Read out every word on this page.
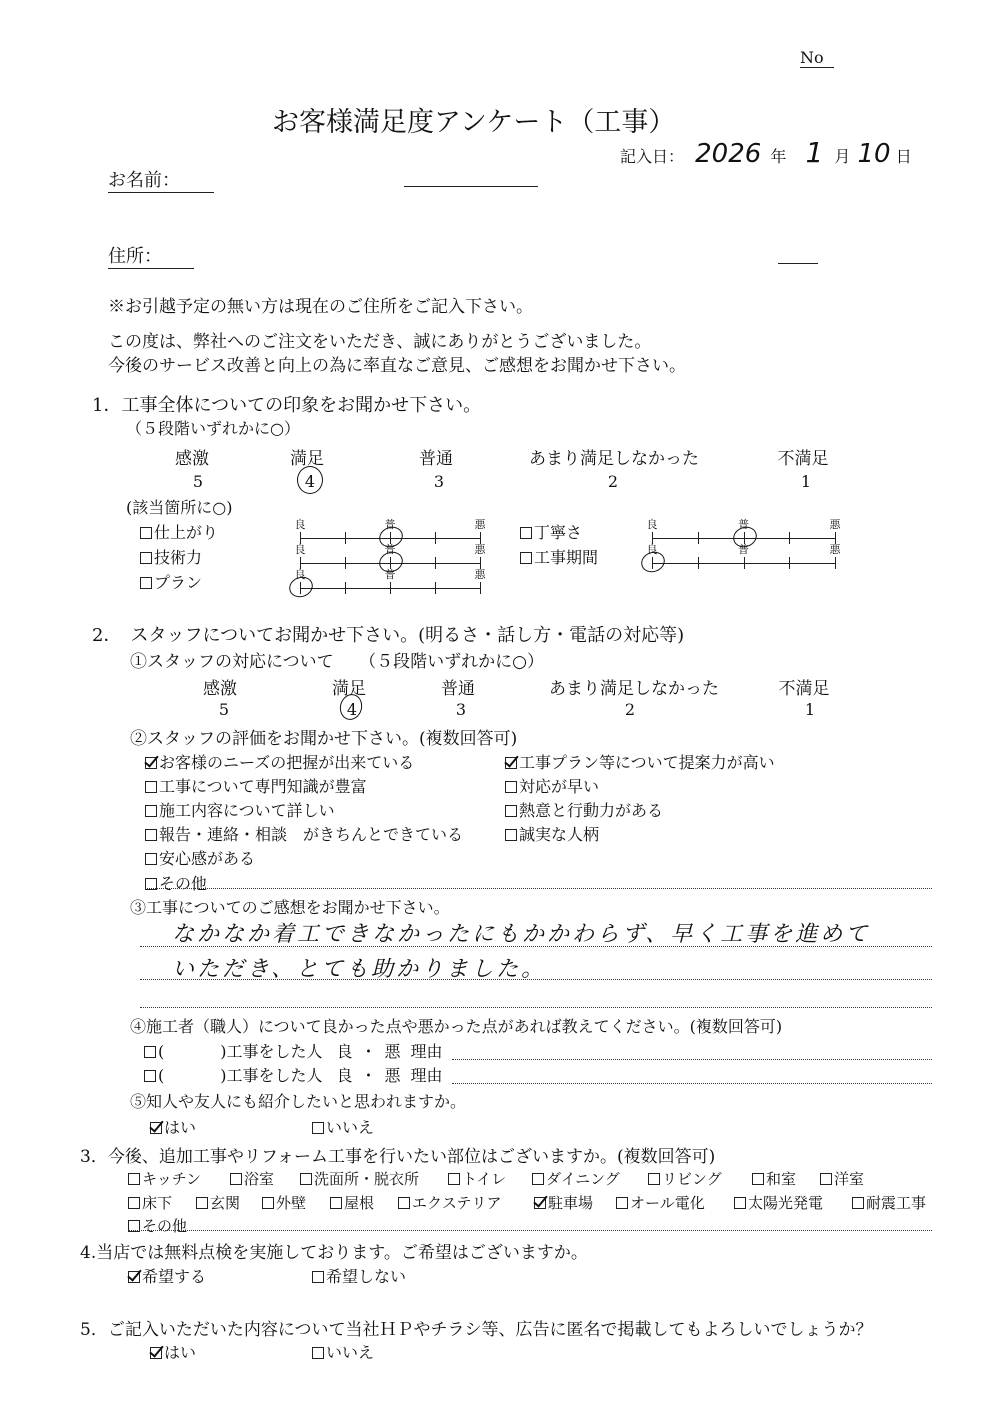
No
お客様満足度アンケート（工事）
記入日： 2026 年 1 月 10 日
お名前：
住所：
※お引越予定の無い方は現在のご住所をご記入下さい。
この度は、弊社へのご注文をいただき、誠にありがとうございました。
今後のサービス改善と向上の為に率直なご意見、ご感想をお聞かせ下さい。
1．工事全体についての印象をお聞かせ下さい。
（５段階いずれかに○）
感激	満足	普通	あまり満足しなかった	不満足
5	4	3	2	1
(該当箇所に○)
仕上がり
技術力
プラン
丁寧さ
工事期間
良	普	悪
良	普	悪
良	普	悪
良	普	悪
良	普	悪
2．　スタッフについてお聞かせ下さい。(明るさ・話し方・電話の対応等)
①スタッフの対応について　　（５段階いずれかに○）
感激	満足	普通	あまり満足しなかった	不満足
5	4	3	2	1
②スタッフの評価をお聞かせ下さい。(複数回答可)
お客様のニーズの把握が出来ている	工事プラン等について提案力が高い
工事について専門知識が豊富	対応が早い
施工内容について詳しい	熱意と行動力がある
報告・連絡・相談　がきちんとできている	誠実な人柄
安心感がある
その他
③工事についてのご感想をお聞かせ下さい。
なかなか着工できなかったにもかかわらず、早く工事を進めて
いただき、とても助かりました。
④施工者（職人）について良かった点や悪かった点があれば教えてください。(複数回答可)
(	)工事をした人 良 ・ 悪 理由
(	)工事をした人 良 ・ 悪 理由
⑤知人や友人にも紹介したいと思われますか。
はい	いいえ
3．今後、追加工事やリフォーム工事を行いたい部位はございますか。(複数回答可)
キッチン	浴室	洗面所・脱衣所	トイレ	ダイニング	リビング	和室	洋室
床下	玄関	外壁	屋根	エクステリア	駐車場	オール電化	太陽光発電	耐震工事
その他
4.当店では無料点検を実施しております。ご希望はございますか。
希望する	希望しない
5．ご記入いただいた内容について当社ＨＰやチラシ等、広告に匿名で掲載してもよろしいでしょうか？
はい	いいえ
